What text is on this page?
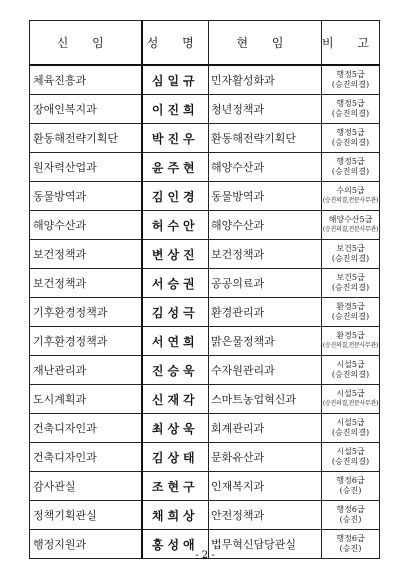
신 임	성 명	현 임	비 고
체육진흥과	심일규	민자활성화과	행정5급
(승진의결)

장애인복지과	이진희	청년정책과	행정5급
(승진의결)

환동해전략기획단	박진우	환동해전략기획단	행정5급
(승진의결)

원자력산업과	윤주현	해양수산과	행정5급
(승진의결)

동물방역과	김인경	동물방역과	수의5급
(승진의결,전문사무관)

해양수산과	허수안	해양수산과	해양수산5급
(승진의결,전문사무관)

보건정책과	변상진	보건정책과	보건5급
(승진의결)

보건정책과	서승권	공공의료과	보건5급
(승진의결)

기후환경정책과	김성극	환경관리과	환경5급
(승진의결)

기후환경정책과	서연희	맑은물정책과	환경5급
(승진의결,전문사무관)

재난관리과	진승욱	수자원관리과	시설5급
(승진의결)

도시계획과	신재각	스마트농업혁신과	시설5급
(승진의결,전문사무관)

건축디자인과	최상욱	회계관리과	시설5급
(승진의결)

건축디자인과	김상태	문화유산과	시설5급
(승진의결)

감사관실	조현구	인재복지과	행정6급
(승진)

정책기획관실	채희상	안전정책과	행정6급
(승진)

행정지원과	홍성애	법무혁신담당관실	행정6급
(승진)
- 2 -
